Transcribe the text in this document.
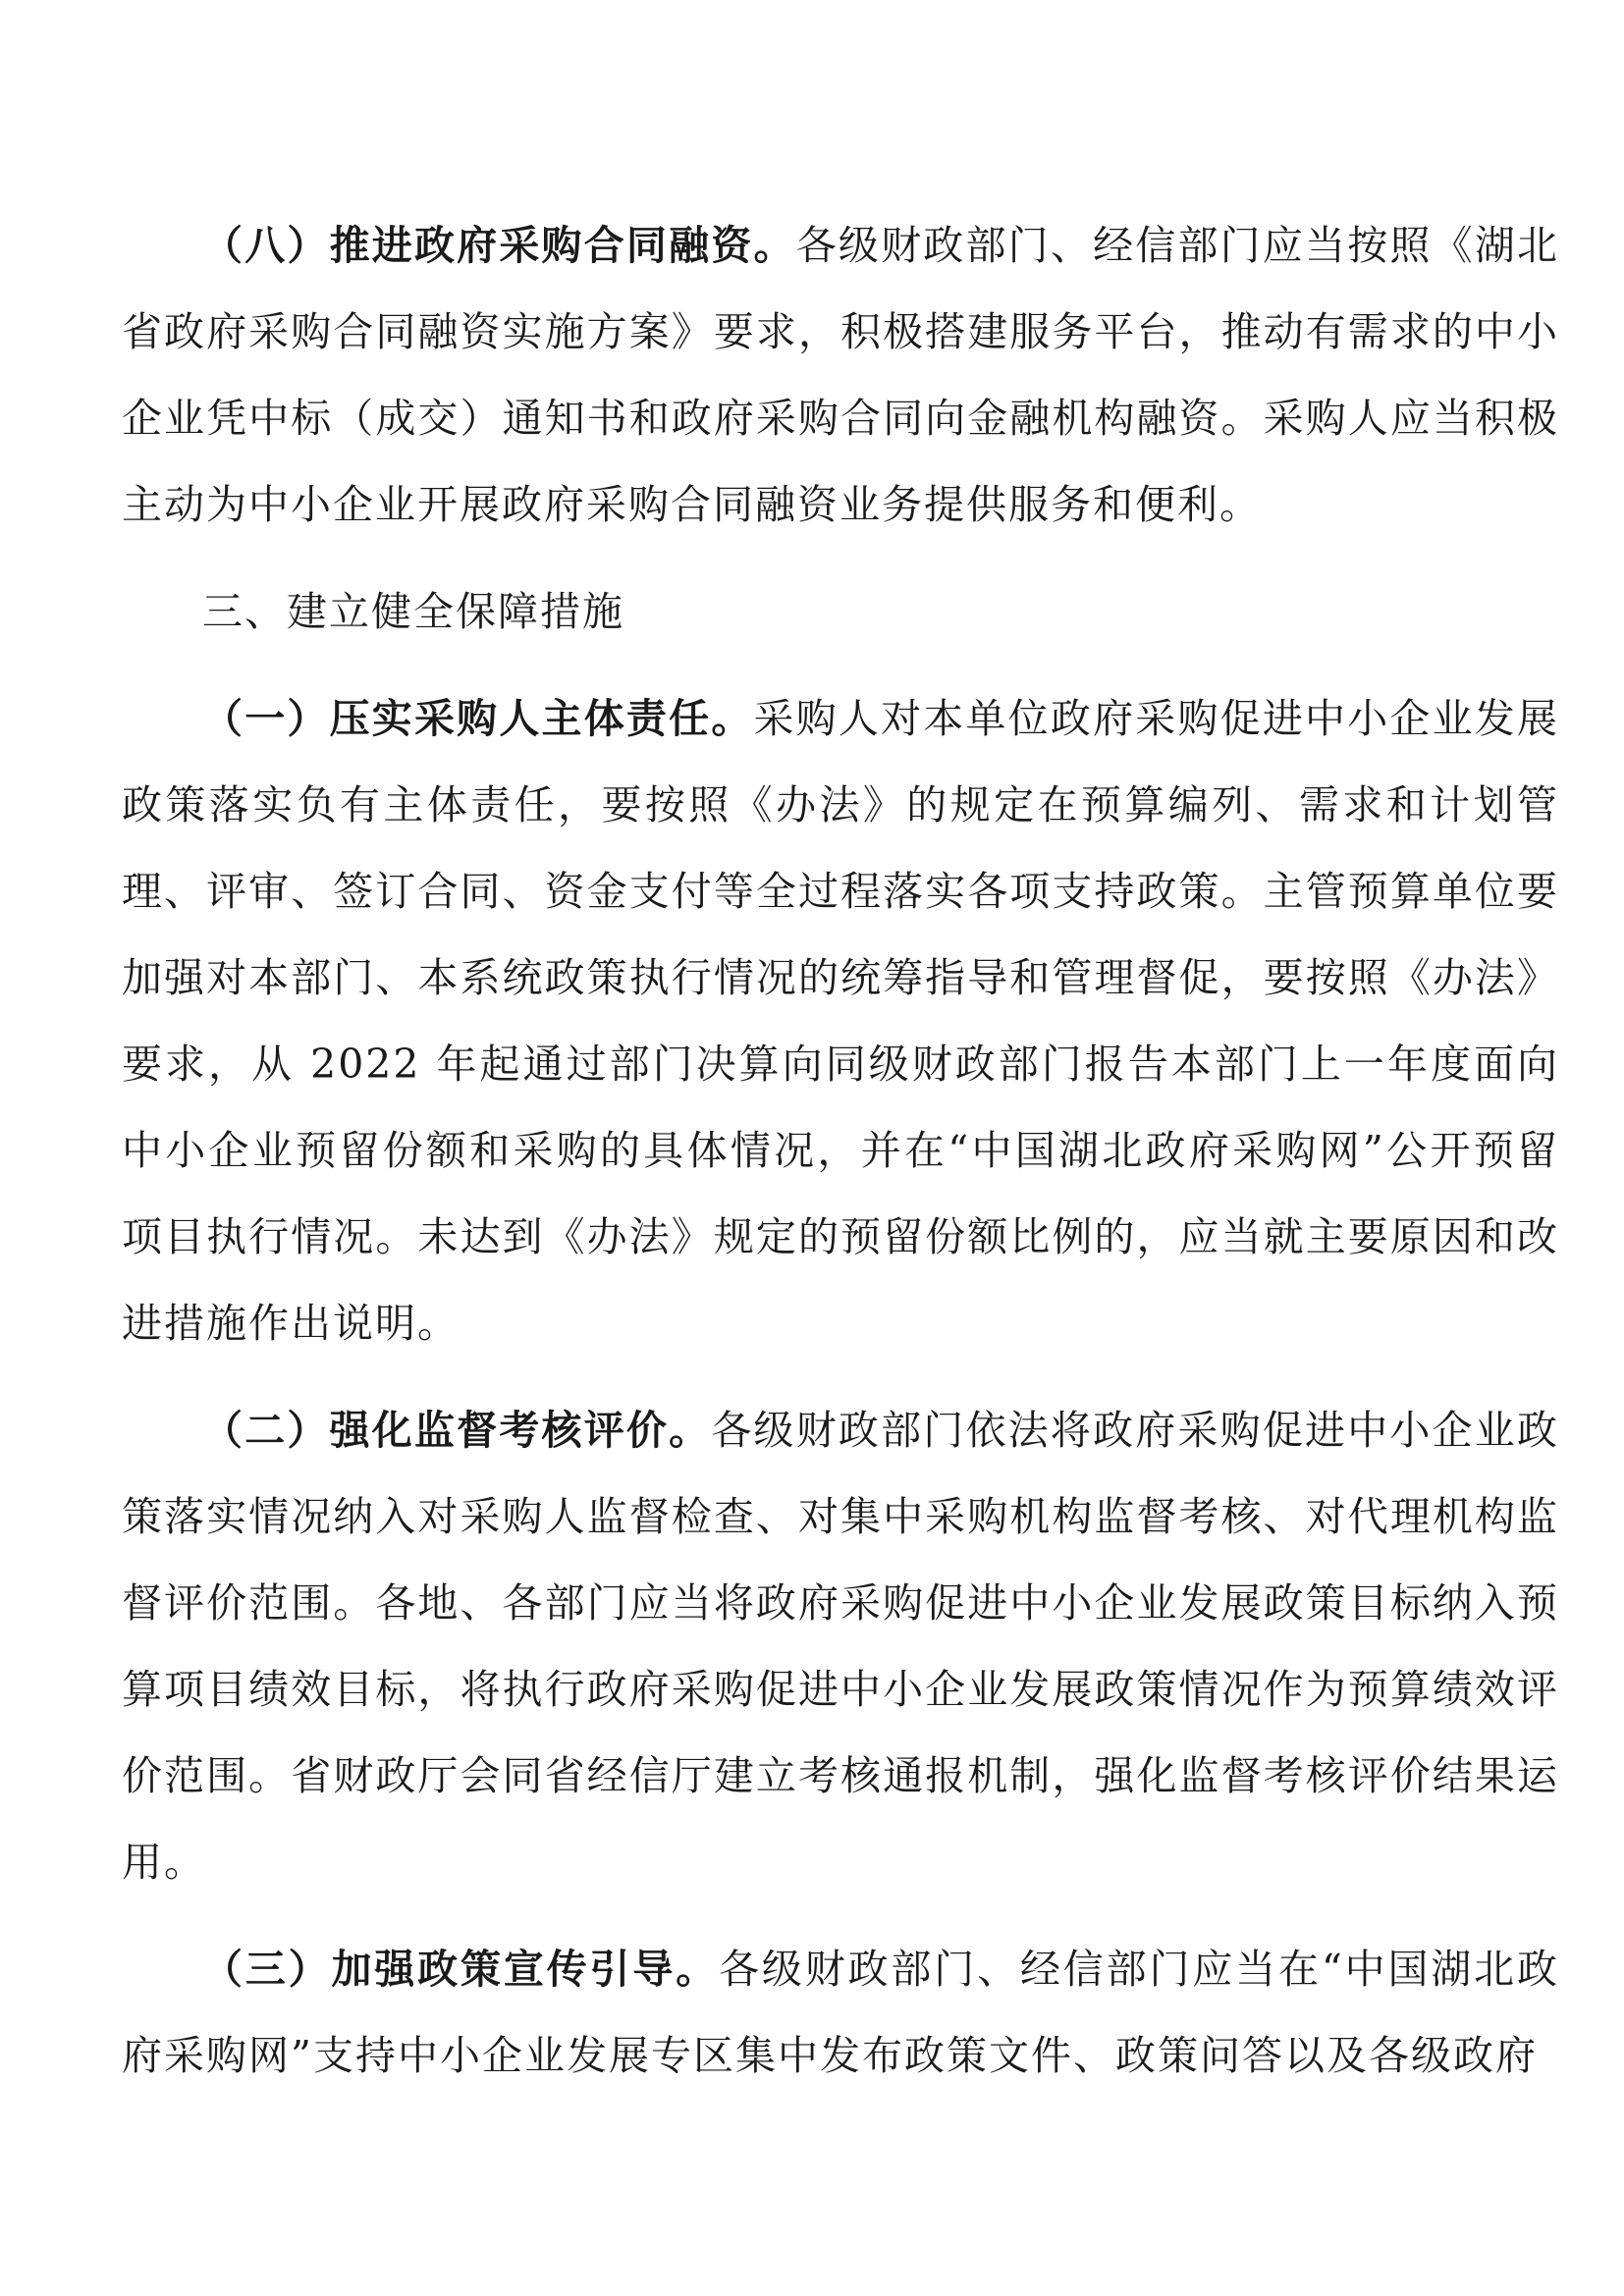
（八）推进政府采购合同融资。各级财政部门、经信部门应当按照《湖北省政府采购合同融资实施方案》要求，积极搭建服务平台，推动有需求的中小企业凭中标（成交）通知书和政府采购合同向金融机构融资。采购人应当积极主动为中小企业开展政府采购合同融资业务提供服务和便利。

三、建立健全保障措施

（一）压实采购人主体责任。采购人对本单位政府采购促进中小企业发展政策落实负有主体责任，要按照《办法》的规定在预算编列、需求和计划管理、评审、签订合同、资金支付等全过程落实各项支持政策。主管预算单位要加强对本部门、本系统政策执行情况的统筹指导和管理督促，要按照《办法》要求，从 2022 年起通过部门决算向同级财政部门报告本部门上一年度面向中小企业预留份额和采购的具体情况，并在“中国湖北政府采购网”公开预留项目执行情况。未达到《办法》规定的预留份额比例的，应当就主要原因和改进措施作出说明。

（二）强化监督考核评价。各级财政部门依法将政府采购促进中小企业政策落实情况纳入对采购人监督检查、对集中采购机构监督考核、对代理机构监督评价范围。各地、各部门应当将政府采购促进中小企业发展政策目标纳入预算项目绩效目标，将执行政府采购促进中小企业发展政策情况作为预算绩效评价范围。省财政厅会同省经信厅建立考核通报机制，强化监督考核评价结果运用。

（三）加强政策宣传引导。各级财政部门、经信部门应当在“中国湖北政府采购网”支持中小企业发展专区集中发布政策文件、政策问答以及各级政府
